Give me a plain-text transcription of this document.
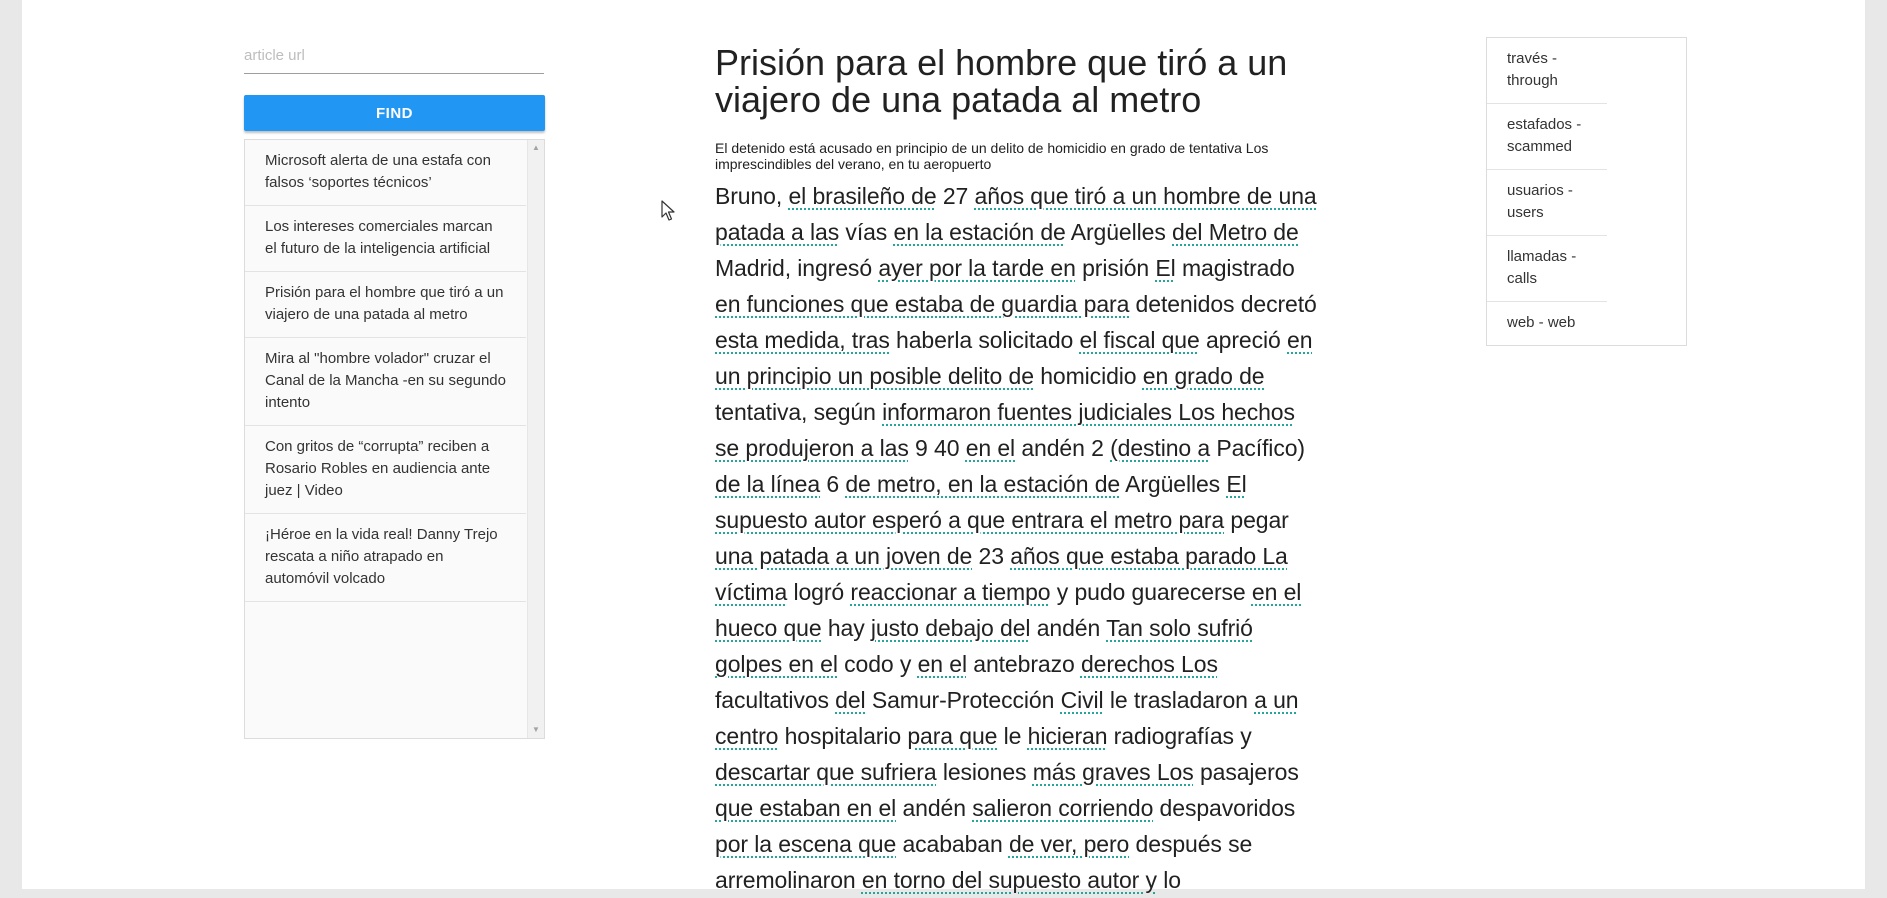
article url
FIND
Microsoft alerta de una estafa con falsos ‘soportes técnicos’
Los intereses comerciales marcan el futuro de la inteligencia artificial
Prisión para el hombre que tiró a un viajero de una patada al metro
Mira al "hombre volador" cruzar el Canal de la Mancha -en su segundo intento
Con gritos de “corrupta” reciben a Rosario Robles en audiencia ante juez | Video
¡Héroe en la vida real! Danny Trejo rescata a niño atrapado en automóvil volcado
▲
▼
Prisión para el hombre que tiró a un viajero de una patada al metro
El detenido está acusado en principio de un delito de homicidio en grado de tentativa Los imprescindibles del verano, en tu aeropuerto
Bruno, el brasileño de 27 años que tiró a un hombre de una patada a las vías en la estación de Argüelles del Metro de Madrid, ingresó ayer por la tarde en prisión El magistrado en funciones que estaba de guardia para detenidos decretó esta medida, tras haberla solicitado el fiscal que apreció en un principio un posible delito de homicidio en grado de tentativa, según informaron fuentes judiciales Los hechos se produjeron a las 9 40 en el andén 2 (destino a Pacífico) de la línea 6 de metro, en la estación de Argüelles El supuesto autor esperó a que entrara el metro para pegar una patada a un joven de 23 años que estaba parado La víctima logró reaccionar a tiempo y pudo guarecerse en el hueco que hay justo debajo del andén Tan solo sufrió golpes en el codo y en el antebrazo derechos Los facultativos del Samur-Protección Civil le trasladaron a un centro hospitalario para que le hicieran radiografías y descartar que sufriera lesiones más graves Los pasajeros que estaban en el andén salieron corriendo despavoridos por la escena que acababan de ver, pero después se arremolinaron en torno del supuesto autor y lo
través - through
estafados - scammed
usuarios - users
llamadas - calls
web - web
